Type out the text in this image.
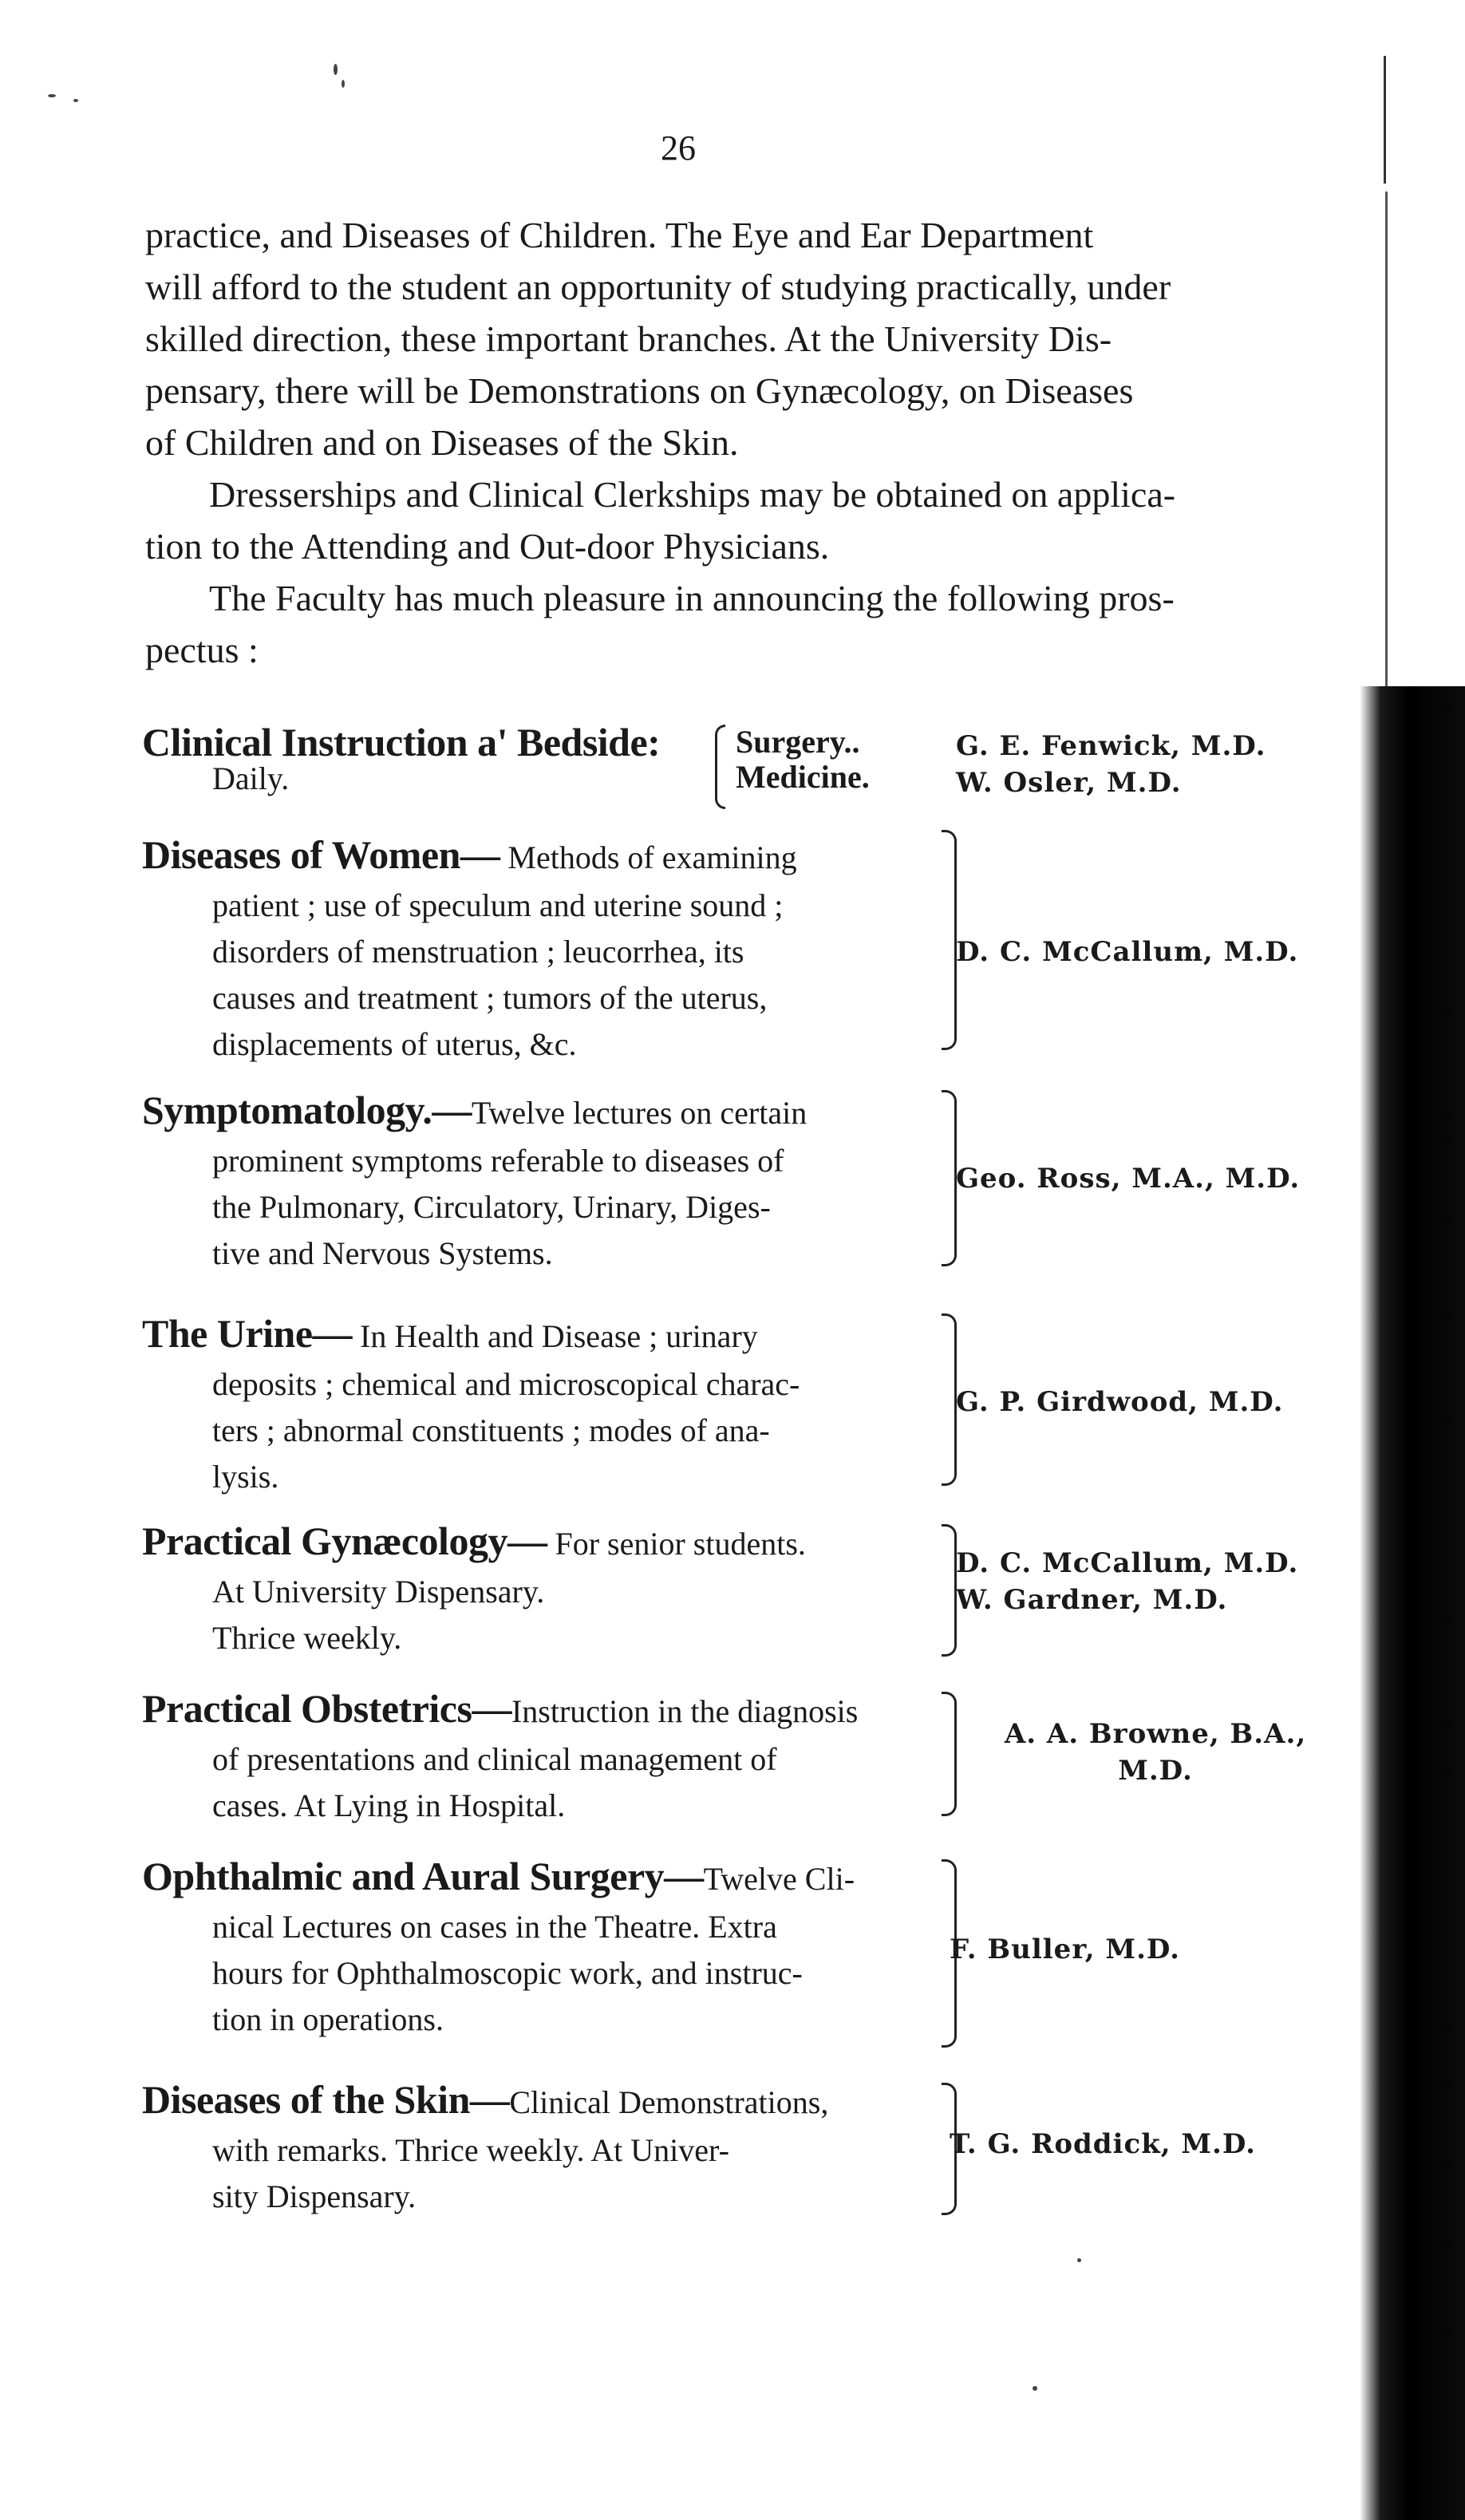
26
practice, and Diseases of Children. The Eye and Ear Department
will afford to the student an opportunity of studying practically, under
skilled direction, these important branches. At the University Dis-
pensary, there will be Demonstrations on Gynæcology, on Diseases
of Children and on Diseases of the Skin.
Dresserships and Clinical Clerkships may be obtained on applica-
tion to the Attending and Out-door Physicians.
The Faculty has much pleasure in announcing the following pros-
pectus :
Clinical Instruction a' Bedside:
Daily.
Surgery..
Medicine.
G. E. Fenwick, M.D.
W. Osler, M.D.
Diseases of Women— Methods of examining
patient ; use of speculum and uterine sound ;
disorders of menstruation ; leucorrhea, its
causes and treatment ; tumors of the uterus,
displacements of uterus, &c.
D. C. McCallum, M.D.
Symptomatology.—Twelve lectures on certain
prominent symptoms referable to diseases of
the Pulmonary, Circulatory, Urinary, Diges-
tive and Nervous Systems.
Geo. Ross, M.A., M.D.
The Urine— In Health and Disease ; urinary
deposits ; chemical and microscopical charac-
ters ; abnormal constituents ; modes of ana-
lysis.
G. P. Girdwood, M.D.
Practical Gynæcology— For senior students.
At University Dispensary.
Thrice weekly.
D. C. McCallum, M.D.
W. Gardner, M.D.
Practical Obstetrics—Instruction in the diagnosis
of presentations and clinical management of
cases. At Lying in Hospital.
A. A. Browne, B.A.,
M.D.
Ophthalmic and Aural Surgery—Twelve Cli-
nical Lectures on cases in the Theatre. Extra
hours for Ophthalmoscopic work, and instruc-
tion in operations.
F. Buller, M.D.
Diseases of the Skin—Clinical Demonstrations,
with remarks. Thrice weekly. At Univer-
sity Dispensary.
T. G. Roddick, M.D.
